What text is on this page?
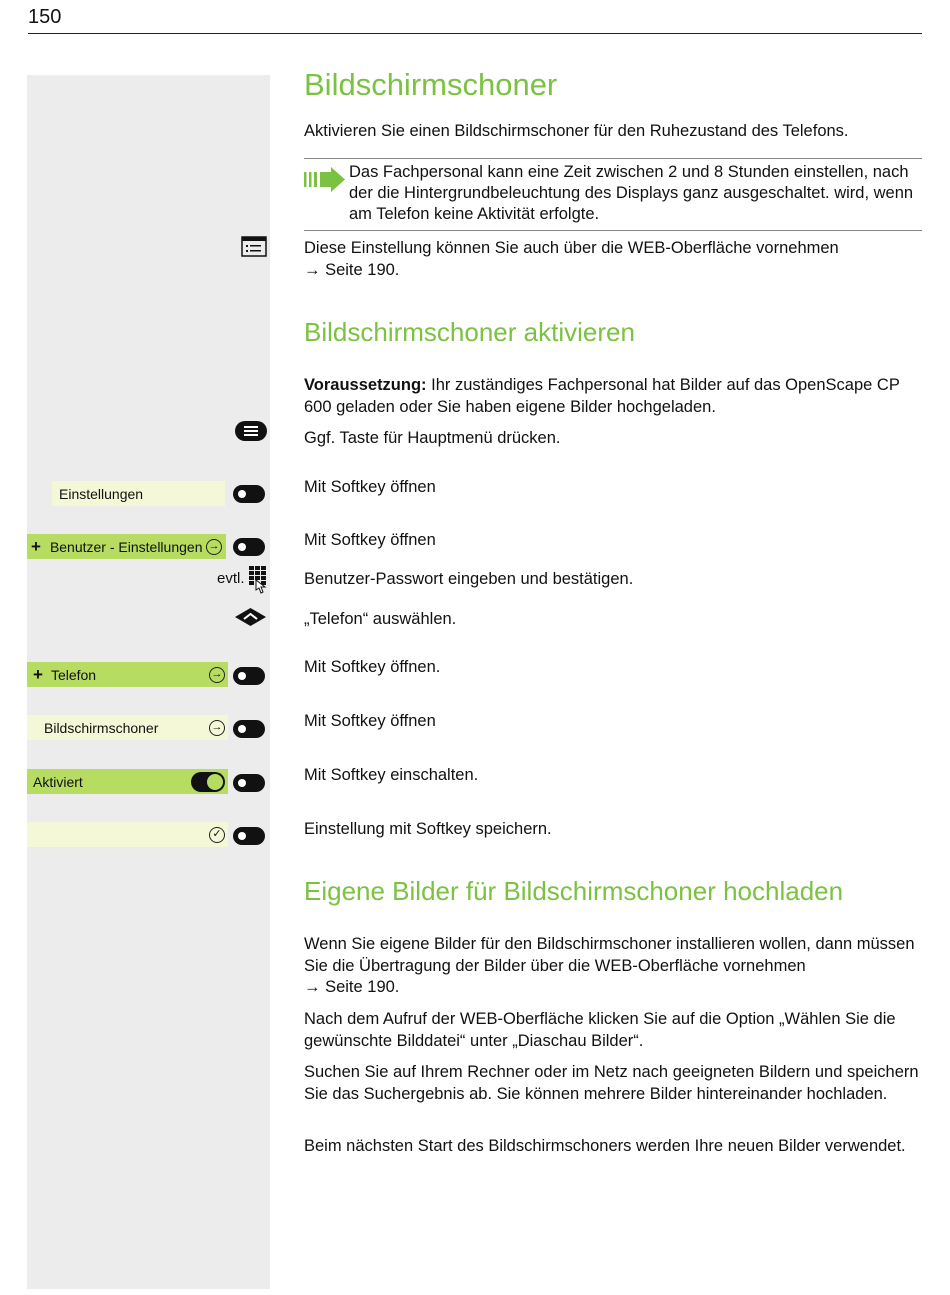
150
Bildschirmschoner
Aktivieren Sie einen Bildschirmschoner für den Ruhezustand des Telefons.
Das Fachpersonal kann eine Zeit zwischen 2 und 8 Stunden einstellen, nach der die Hintergrundbeleuchtung des Displays ganz ausgeschaltet. wird, wenn am Telefon keine Aktivität erfolgte.
Diese Einstellung können Sie auch über die WEB-Oberfläche vornehmen
→ Seite 190.
Bildschirmschoner aktivieren
Voraussetzung: Ihr zuständiges Fachpersonal hat Bilder auf das OpenScape CP 600 geladen oder Sie haben eigene Bilder hochgeladen.
Ggf. Taste für Hauptmenü drücken.
Einstellungen	Mit Softkey öffnen
+ Benutzer - Einstellungen →	Mit Softkey öffnen
evtl.	Benutzer-Passwort eingeben und bestätigen.
„Telefon“ auswählen.
+ Telefon	→	Mit Softkey öffnen.
Bildschirmschoner	→	Mit Softkey öffnen
Aktiviert	Mit Softkey einschalten.
✓	Einstellung mit Softkey speichern.
Eigene Bilder für Bildschirmschoner hochladen
Wenn Sie eigene Bilder für den Bildschirmschoner installieren wollen, dann müssen Sie die Übertragung der Bilder über die WEB-Oberfläche vornehmen
→ Seite 190.
Nach dem Aufruf der WEB-Oberfläche klicken Sie auf die Option „Wählen Sie die gewünschte Bilddatei“ unter „Diaschau Bilder“.
Suchen Sie auf Ihrem Rechner oder im Netz nach geeigneten Bildern und speichern Sie das Suchergebnis ab. Sie können mehrere Bilder hintereinander hochladen.
Beim nächsten Start des Bildschirmschoners werden Ihre neuen Bilder verwendet.
